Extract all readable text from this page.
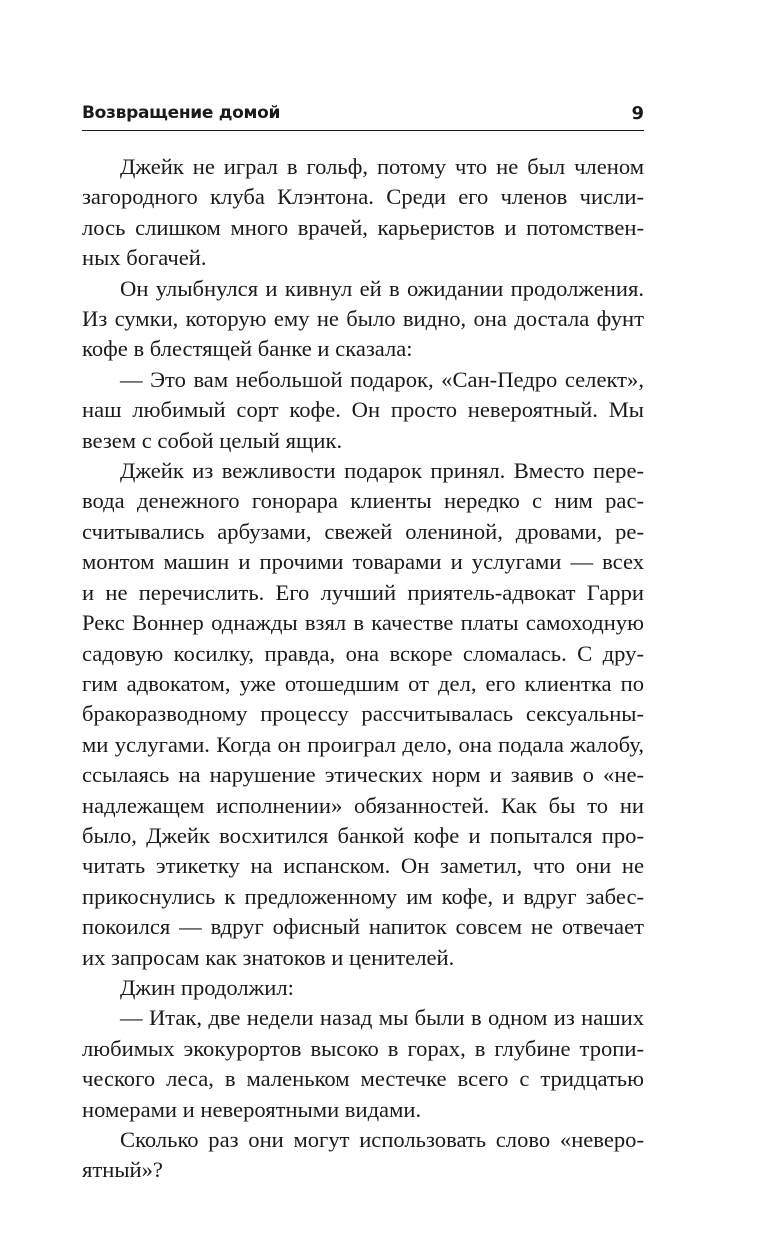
Возвращение домой	9
Джейк не играл в гольф, потому что не был членом
загородного клуба Клэнтона. Среди его членов числи-
лось слишком много врачей, карьеристов и потомствен-
ных богачей.
Он улыбнулся и кивнул ей в ожидании продолжения.
Из сумки, которую ему не было видно, она достала фунт
кофе в блестящей банке и сказала:
— Это вам небольшой подарок, «Сан-Педро селект»,
наш любимый сорт кофе. Он просто невероятный. Мы
везем с собой целый ящик.
Джейк из вежливости подарок принял. Вместо пере-
вода денежного гонорара клиенты нередко с ним рас-
считывались арбузами, свежей олениной, дровами, ре-
монтом машин и прочими товарами и услугами — всех
и не перечислить. Его лучший приятель-адвокат Гарри
Рекс Воннер однажды взял в качестве платы самоходную
садовую косилку, правда, она вскоре сломалась. С дру-
гим адвокатом, уже отошедшим от дел, его клиентка по
бракоразводному процессу рассчитывалась сексуальны-
ми услугами. Когда он проиграл дело, она подала жалобу,
ссылаясь на нарушение этических норм и заявив о «не-
надлежащем исполнении» обязанностей. Как бы то ни
было, Джейк восхитился банкой кофе и попытался про-
читать этикетку на испанском. Он заметил, что они не
прикоснулись к предложенному им кофе, и вдруг забес-
покоился — вдруг офисный напиток совсем не отвечает
их запросам как знатоков и ценителей.
Джин продолжил:
— Итак, две недели назад мы были в одном из наших
любимых экокурортов высоко в горах, в глубине тропи-
ческого леса, в маленьком местечке всего с тридцатью
номерами и невероятными видами.
Сколько раз они могут использовать слово «неверо-
ятный»?
